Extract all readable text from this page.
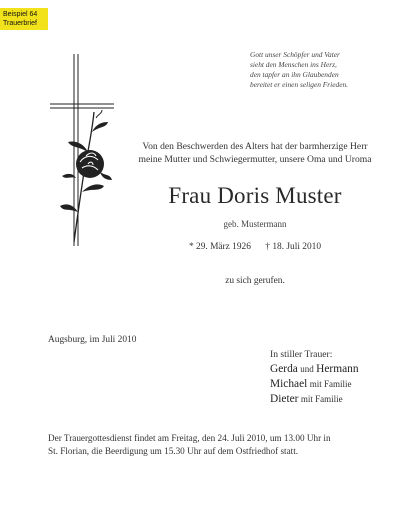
Beispiel 64
Trauerbrief
Gott unser Schöpfer und Vater
sieht den Menschen ins Herz,
den tapfer an ihn Glaubenden
bereitet er einen seligen Frieden.
Von den Beschwerden des Alters hat der barmherzige Herr
meine Mutter und Schwiegermutter, unsere Oma und Uroma
Frau Doris Muster
geb. Mustermann
* 29. März 1926 † 18. Juli 2010
zu sich gerufen.
Augsburg, im Juli 2010
In stiller Trauer:
Gerda und Hermann
Michael mit Familie
Dieter mit Familie
Der Trauergottesdienst findet am Freitag, den 24. Juli 2010, um 13.00 Uhr in
St. Florian, die Beerdigung um 15.30 Uhr auf dem Ostfriedhof statt.
